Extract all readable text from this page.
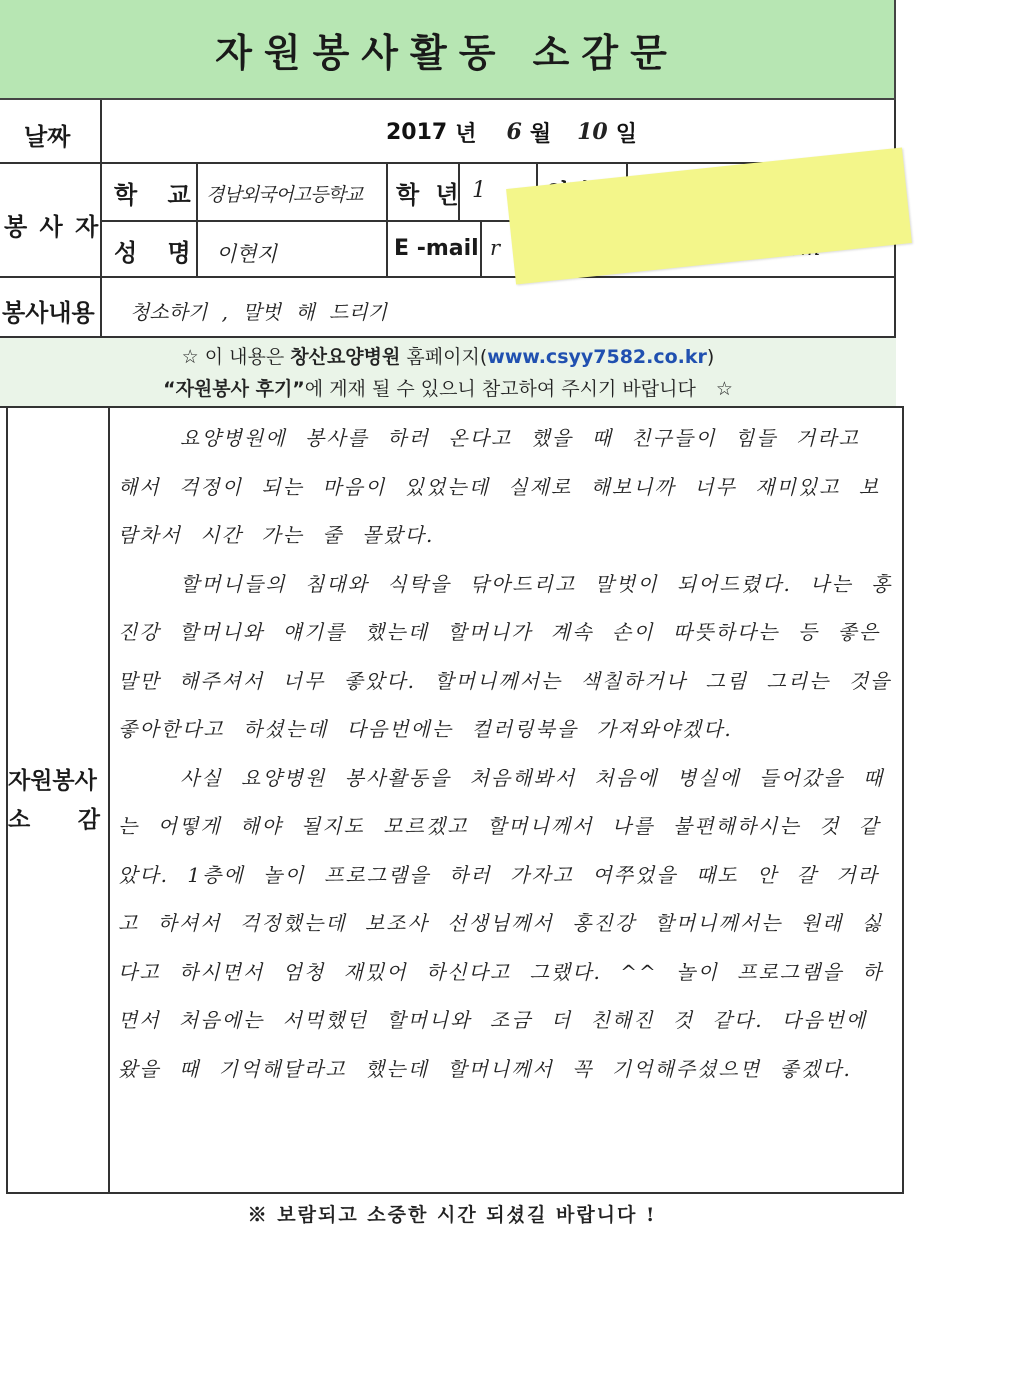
자원봉사활동 소감문
날짜	2017 년 6 월 10 일
봉 사 자
학 교 경남외국어고등학교 학 년 1
성 명 이현지	E -mail r
봉사내용 청소하기 , 말벗 해 드리기
☆ 이 내용은 창산요양병원 홈페이지(www.csyy7582.co.kr)
“자원봉사 후기”에 게재 될 수 있으니 참고하여 주시기 바랍니다 ☆
자원봉사
소 감

요양병원에 봉사를 하러 온다고 했을 때 친구들이 힘들 거라고 해서 걱정이 되는 마음이 있었는데 실제로 해보니까 너무 재미있고 보람차서 시간 가는 줄 몰랐다.

할머니들의 침대와 식탁을 닦아드리고 말벗이 되어드렸다. 나는 홍진강 할머니와 얘기를 했는데 할머니가 계속 손이 따뜻하다는 등 좋은 말만 해주셔서 너무 좋았다. 할머니께서는 색칠하거나 그림 그리는 것을 좋아한다고 하셨는데 다음번에는 컬러링북을 가져와야겠다.

사실 요양병원 봉사활동을 처음해봐서 처음에 병실에 들어갔을 때는 어떻게 해야 될지도 모르겠고 할머니께서 나를 불편해하시는 것 같았다. 1층에 놀이 프로그램을 하러 가자고 여쭈었을 때도 안 갈 거라고 하셔서 걱정했는데 보조사 선생님께서 홍진강 할머니께서는 원래 싫다고 하시면서 엄청 재밌어 하신다고 그랬다. ^^ 놀이 프로그램을 하면서 처음에는 서먹했던 할머니와 조금 더 친해진 것 같다. 다음번에 왔을 때 기억해달라고 했는데 할머니께서 꼭 기억해주셨으면 좋겠다.

※ 보람되고 소중한 시간 되셨길 바랍니다 !
